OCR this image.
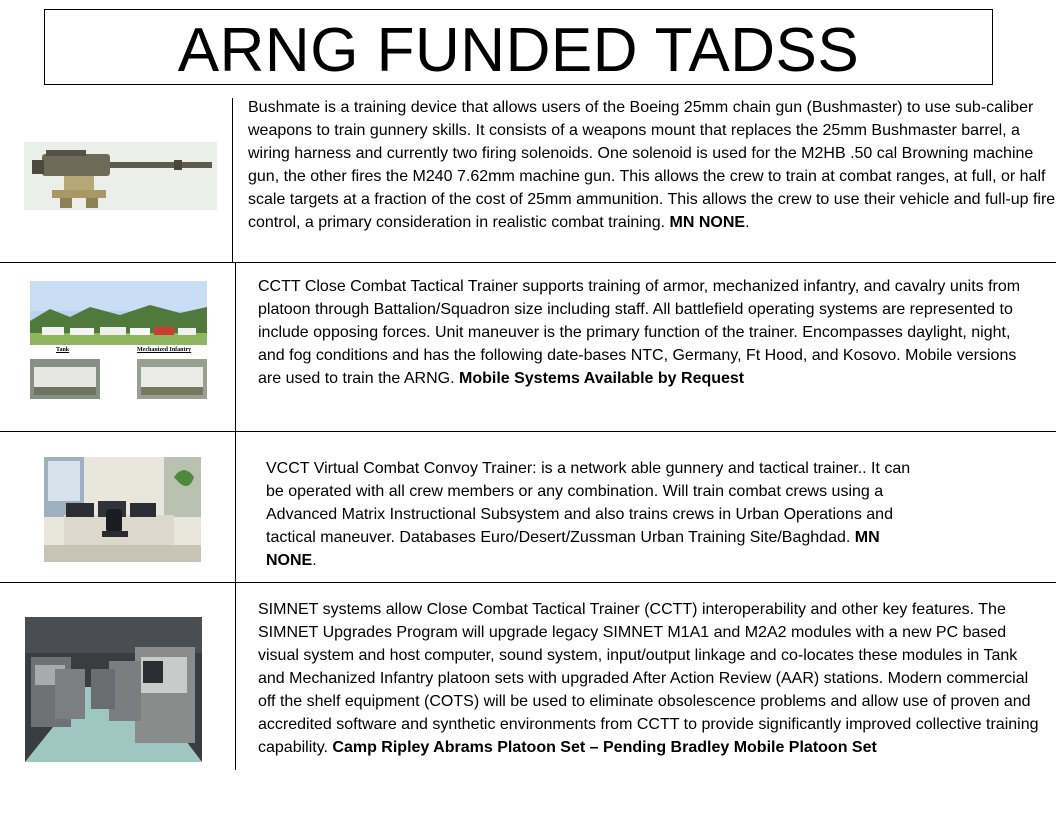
ARNG FUNDED TADSS

Bushmate is a training device that allows users of the Boeing 25mm chain gun (Bushmaster) to use sub-caliber weapons to train gunnery skills. It consists of a weapons mount that replaces the 25mm Bushmaster barrel, a wiring harness and currently two firing solenoids. One solenoid is used for the M2HB .50 cal Browning machine gun, the other fires the M240 7.62mm machine gun. This allows the crew to train at combat ranges, at full, or half scale targets at a fraction of the cost of 25mm ammunition. This allows the crew to use their vehicle and full-up fire control, a primary consideration in realistic combat training. MN NONE.

Tank	Mechanized Infantry

CCTT Close Combat Tactical Trainer supports training of armor, mechanized infantry, and cavalry units from platoon through Battalion/Squadron size including staff. All battlefield operating systems are represented to include opposing forces. Unit maneuver is the primary function of the trainer. Encompasses daylight, night, and fog conditions and has the following date-bases NTC, Germany, Ft Hood, and Kosovo. Mobile versions are used to train the ARNG. Mobile Systems Available by Request

VCCT Virtual Combat Convoy Trainer: is a network able gunnery and tactical trainer.. It can be operated with all crew members or any combination. Will train combat crews using a Advanced Matrix Instructional Subsystem and also trains crews in Urban Operations and tactical maneuver. Databases Euro/Desert/Zussman Urban Training Site/Baghdad. MN NONE.

SIMNET systems allow Close Combat Tactical Trainer (CCTT) interoperability and other key features. The SIMNET Upgrades Program will upgrade legacy SIMNET M1A1 and M2A2 modules with a new PC based visual system and host computer, sound system, input/output linkage and co-locates these modules in Tank and Mechanized Infantry platoon sets with upgraded After Action Review (AAR) stations. Modern commercial off the shelf equipment (COTS) will be used to eliminate obsolescence problems and allow use of proven and accredited software and synthetic environments from CCTT to provide significantly improved collective training capability. Camp Ripley Abrams Platoon Set – Pending Bradley Mobile Platoon Set
